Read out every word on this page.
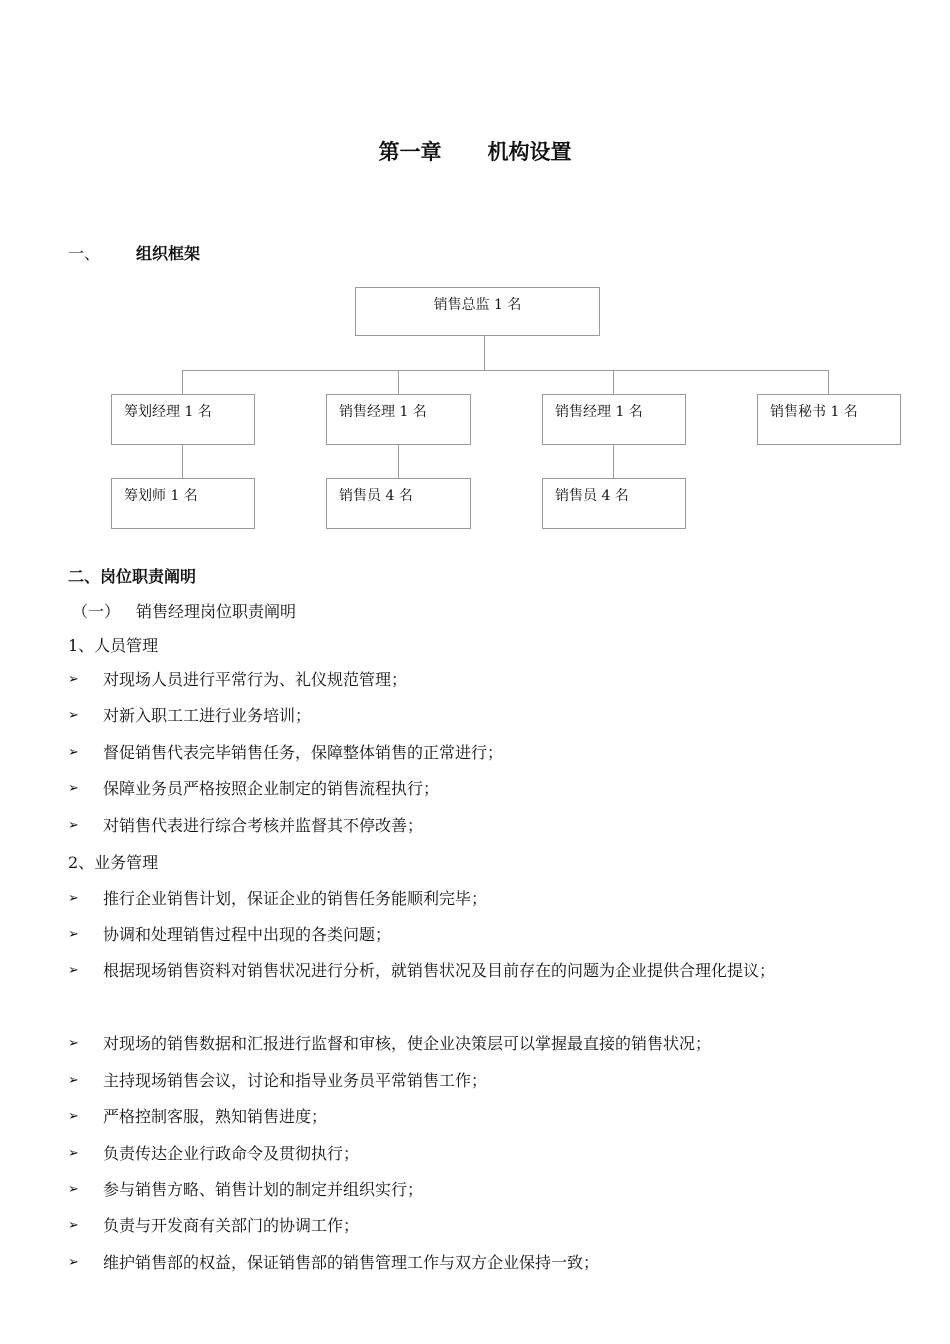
第一章 机构设置
一、 组织框架
销售总监 1 名
筹划经理 1 名	销售经理 1 名	销售经理 1 名	销售秘书 1 名
筹划师 1 名	销售员 4 名	销售员 4 名
二、岗位职责阐明
（一） 销售经理岗位职责阐明
1、人员管理
➢	对现场人员进行平常行为、礼仪规范管理；
➢	对新入职工工进行业务培训；
➢	督促销售代表完毕销售任务，保障整体销售的正常进行；
➢	保障业务员严格按照企业制定的销售流程执行；
➢	对销售代表进行综合考核并监督其不停改善；
2、业务管理
➢	推行企业销售计划，保证企业的销售任务能顺利完毕；
➢	协调和处理销售过程中出现的各类问题；
➢	根据现场销售资料对销售状况进行分析，就销售状况及目前存在的问题为企业提供合理化提议；
➢	对现场的销售数据和汇报进行监督和审核，使企业决策层可以掌握最直接的销售状况；
➢	主持现场销售会议，讨论和指导业务员平常销售工作；
➢	严格控制客服，熟知销售进度；
➢	负责传达企业行政命令及贯彻执行；
➢	参与销售方略、销售计划的制定并组织实行；
➢	负责与开发商有关部门的协调工作；
➢	维护销售部的权益，保证销售部的销售管理工作与双方企业保持一致；
